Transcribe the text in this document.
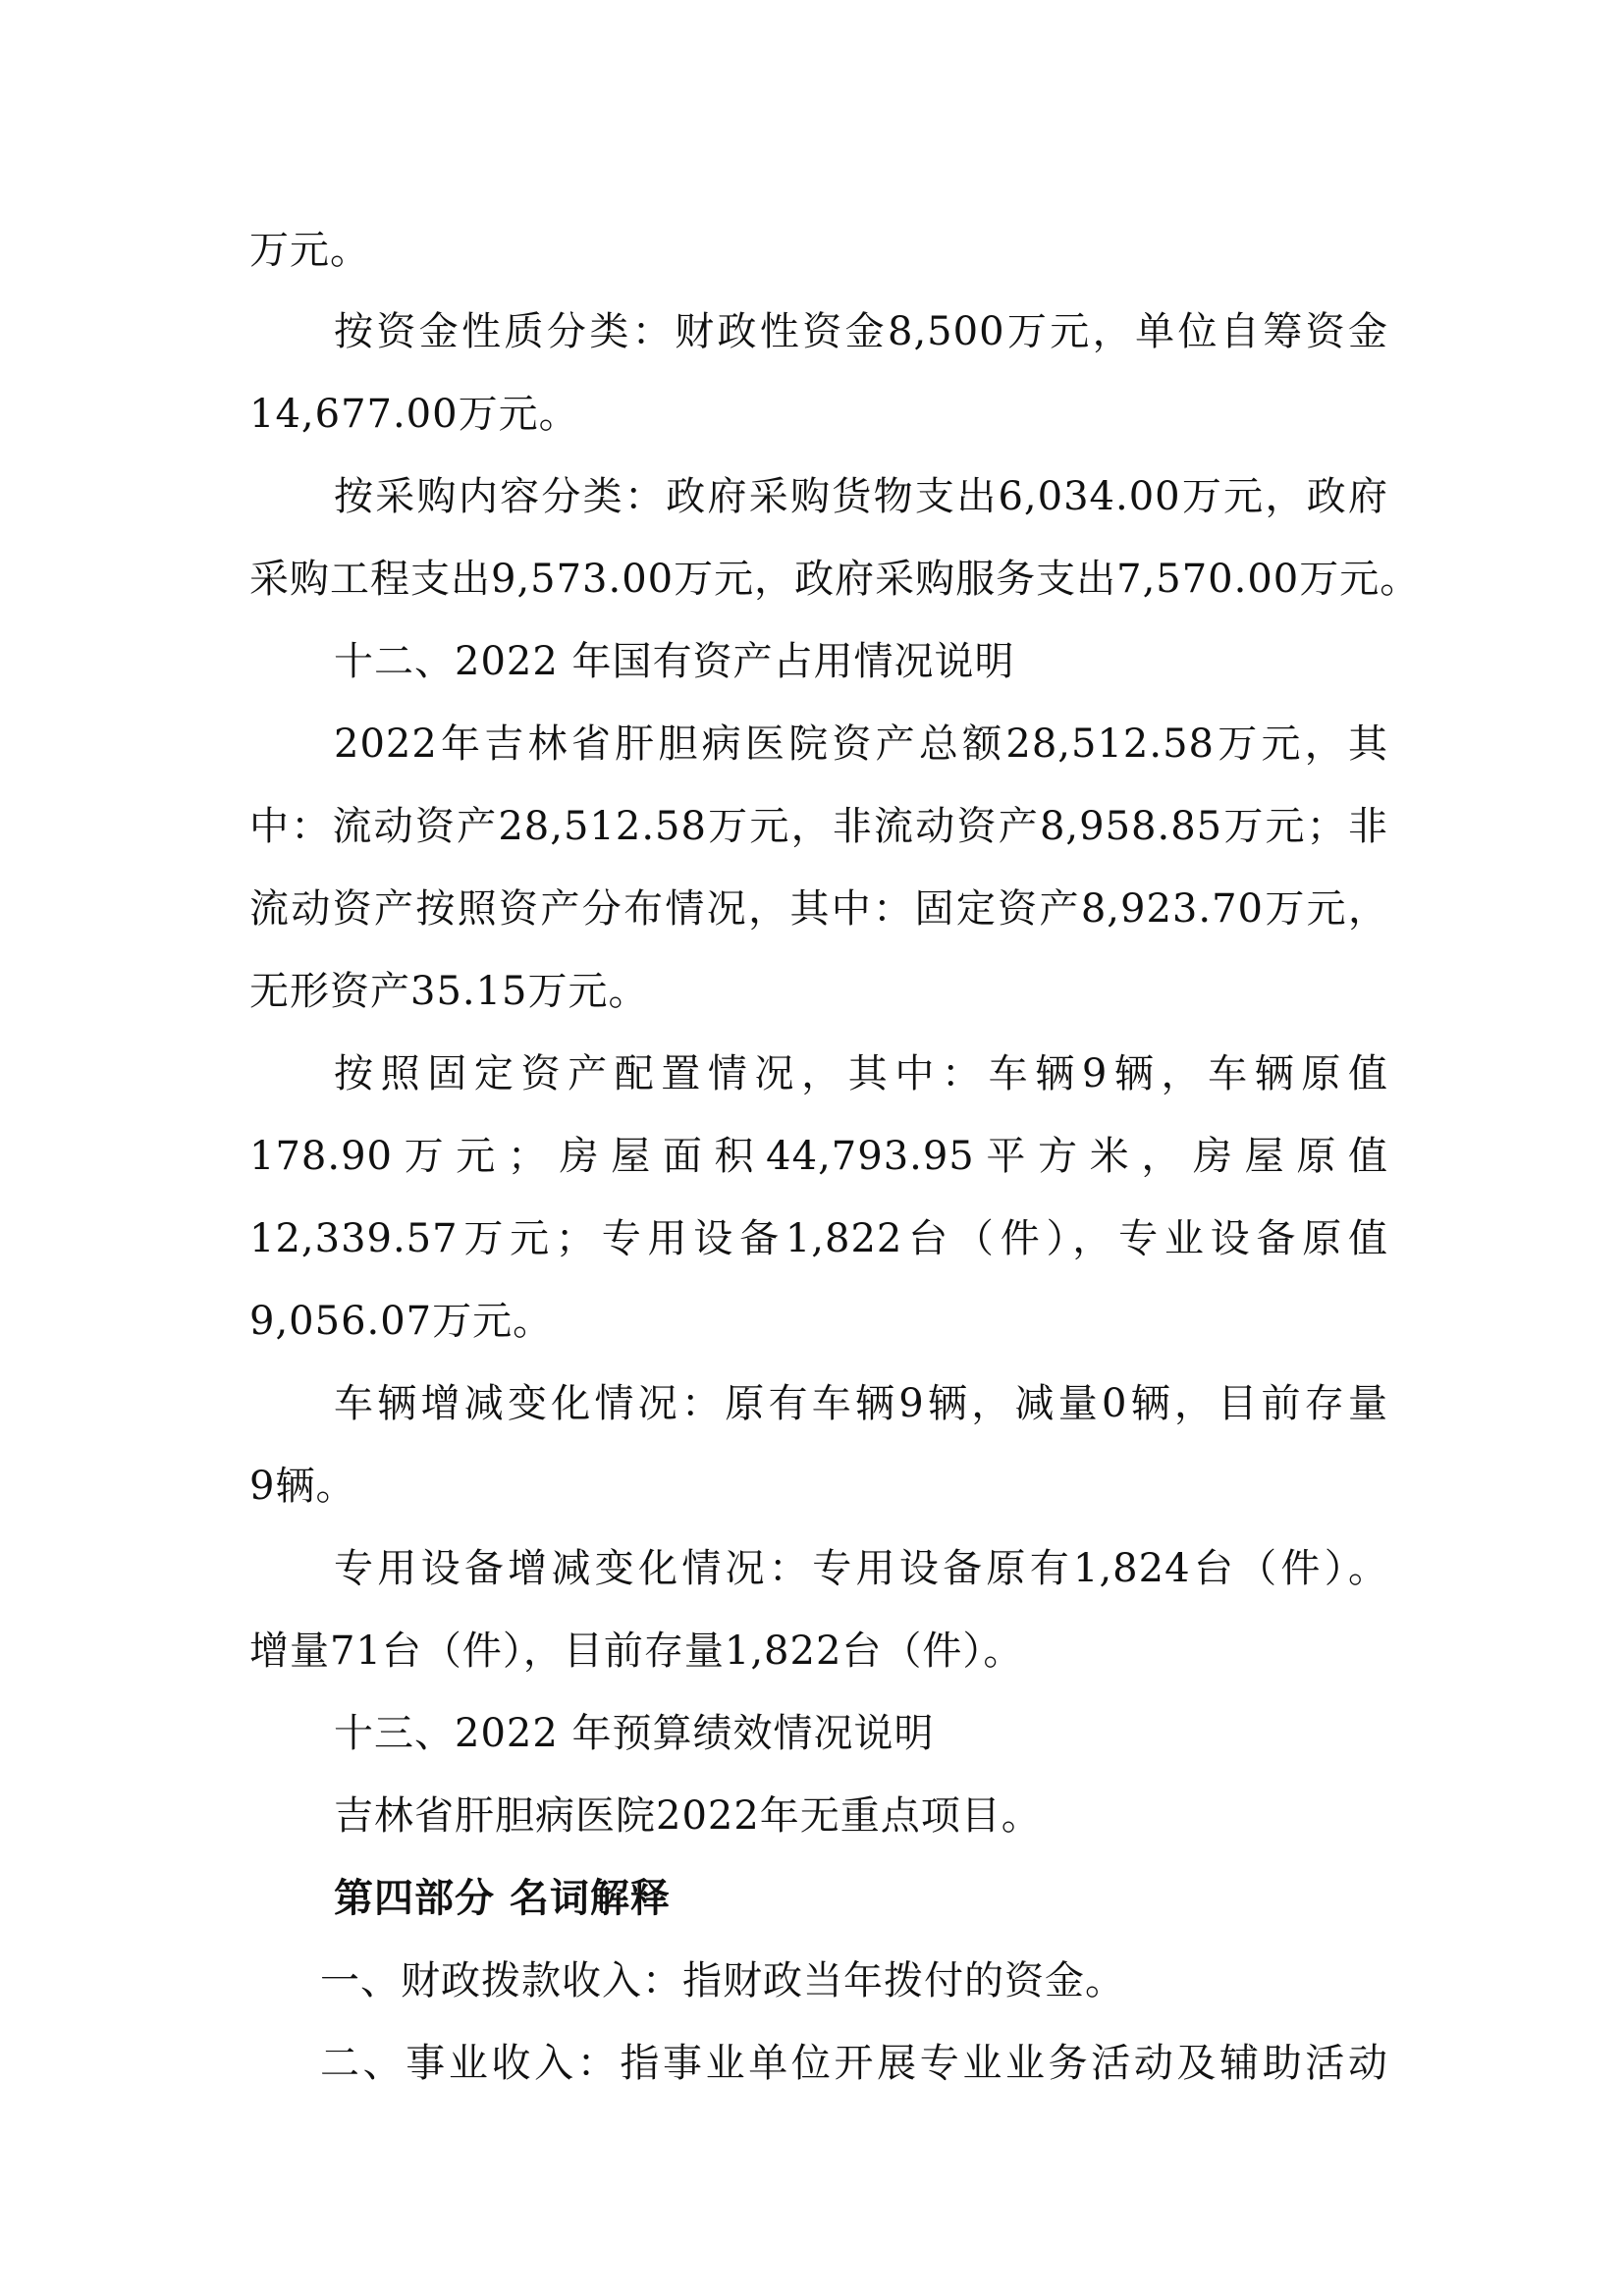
万元。
按资金性质分类：财政性资金8,500万元，单位自筹资金
14,677.00万元。
按采购内容分类：政府采购货物支出6,034.00万元，政府
采购工程支出9,573.00万元，政府采购服务支出7,570.00万元。
十二、2022 年国有资产占用情况说明
2022年吉林省肝胆病医院资产总额28,512.58万元，其
中：流动资产28,512.58万元，非流动资产8,958.85万元；非
流动资产按照资产分布情况，其中：固定资产8,923.70万元，
无形资产35.15万元。
按照固定资产配置情况，其中：车辆9辆，车辆原值
178.90万元；房屋面积44,793.95平方米，房屋原值
12,339.57万元；专用设备1,822台（件），专业设备原值
9,056.07万元。
车辆增减变化情况：原有车辆9辆，减量0辆，目前存量
9辆。
专用设备增减变化情况：专用设备原有1,824台（件）。
增量71台（件），目前存量1,822台（件）。
十三、2022 年预算绩效情况说明
吉林省肝胆病医院2022年无重点项目。
第四部分 名词解释
一、财政拨款收入：指财政当年拨付的资金。
二、事业收入：指事业单位开展专业业务活动及辅助活动
